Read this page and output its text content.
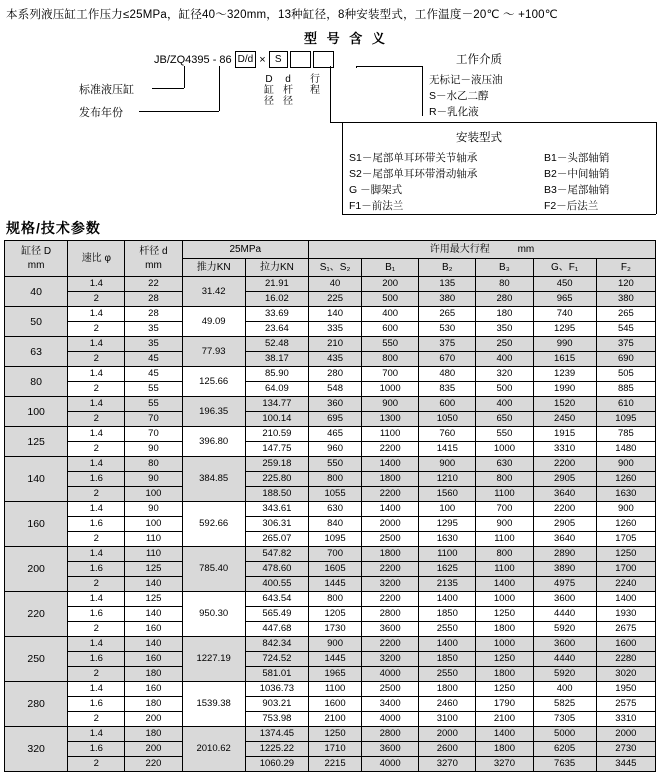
本系列液压缸工作压力≤25MPa，缸径40～320mm，13种缸径，8种安装型式，工作温度－20℃ ～ +100℃
型 号 含 义
JB/ZQ4395 - 86 D/d × S
标准液压缸
发布年份
D
缸
径
d
杆
径
行
程
工作介质
无标记－液压油
S－水乙二醇
R－乳化液
安装型式
S1－尾部单耳环带关节轴承
S2－尾部单耳环带滑动轴承
G －脚架式
F1－前法兰
B1－头部轴销
B2－中间轴销
B3－尾部轴销
F2－后法兰
规格/技术参数
缸径 D
mm
	速比 φ	
杆径 d
mm
	25MPa	许用最大行程	mm
			推力KN	拉力KN	S₁、S₂	B₁	B₂	B₃	G、F₁	F₂
40	1.4	22	31.42	21.91	40	200	135	80	450	120
	2	28		16.02	225	500	380	280	965	380
50	1.4	28	49.09	33.69	140	400	265	180	740	265
	2	35		23.64	335	600	530	350	1295	545
63	1.4	35	77.93	52.48	210	550	375	250	990	375
	2	45		38.17	435	800	670	400	1615	690
80	1.4	45	125.66	85.90	280	700	480	320	1239	505
	2	55		64.09	548	1000	835	500	1990	885
100	1.4	55	196.35	134.77	360	900	600	400	1520	610
	2	70		100.14	695	1300	1050	650	2450	1095
125	1.4	70	396.80	210.59	465	1100	760	550	1915	785
	2	90		147.75	960	2200	1415	1000	3310	1480
140	1.4	80	384.85	259.18	550	1400	900	630	2200	900
	1.6	90		225.80	800	1800	1210	800	2905	1260
	2	100		188.50	1055	2200	1560	1100	3640	1630
160	1.4	90	592.66	343.61	630	1400	100	700	2200	900
	1.6	100		306.31	840	2000	1295	900	2905	1260
	2	110		265.07	1095	2500	1630	1100	3640	1705
200	1.4	110	785.40	547.82	700	1800	1100	800	2890	1250
	1.6	125		478.60	1605	2200	1625	1100	3890	1700
	2	140		400.55	1445	3200	2135	1400	4975	2240
220	1.4	125	950.30	643.54	800	2200	1400	1000	3600	1400
	1.6	140		565.49	1205	2800	1850	1250	4440	1930
	2	160		447.68	1730	3600	2550	1800	5920	2675
250	1.4	140	1227.19	842.34	900	2200	1400	1000	3600	1600
	1.6	160		724.52	1445	3200	1850	1250	4440	2280
	2	180		581.01	1965	4000	2550	1800	5920	3020
280	1.4	160	1539.38	1036.73	1100	2500	1800	1250	400	1950
	1.6	180		903.21	1600	3400	2460	1790	5825	2575
	2	200		753.98	2100	4000	3100	2100	7305	3310
320	1.4	180	2010.62	1374.45	1250	2800	2000	1400	5000	2000
	1.6	200		1225.22	1710	3600	2600	1800	6205	2730
	2	220		1060.29	2215	4000	3270	3270	7635	3445
